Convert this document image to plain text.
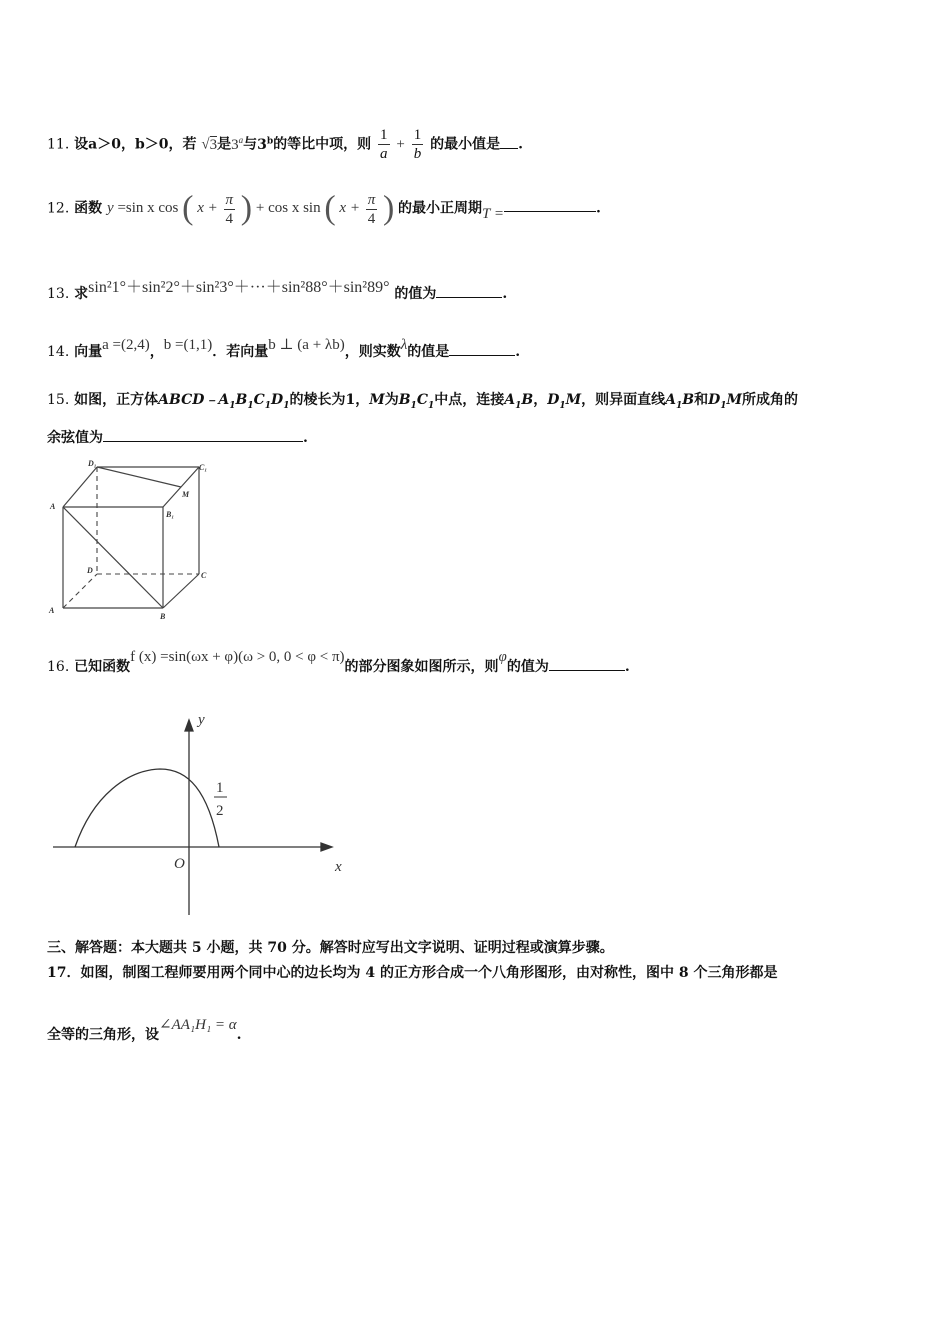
11. 设a＞0，b＞0，若 √3是3$^a$与3$^b$的等比中项，则 $\frac{1}{a} + \frac{1}{b}$ 的最小值是 .
12. 函数 y =sin x cos ( $x + \frac{\pi}{4}$ ) + cos x sin ( $x + \frac{\pi}{4}$ ) 的最小正周期T =	.
13. 求sin²1°＋sin²2°＋sin²3°＋···＋sin²88°＋sin²89° 的值为	.
14. 向量a =(2,4)，b =(1,1)．若向量b ⊥ (a + λb)，则实数λ的值是	.
15. 如图，正方体$ABCD﹣A_1B_1C_1D_1$的棱长为1，M为$B_1C_1$中点，连接$A_1B$，$D_1M$，则异面直线$A_1B$和$D_1M$所成角的
余弦值为	.
D₁	C₁
M
A
B₁
D
C
A
B
16. 已知函数f (x) =sin(ωx + φ)(ω > 0, 0 < φ < π)的部分图象如图所示，则φ的值为	.
y
x
O
1
2
三、解答题：本大题共 5 小题，共 70 分。解答时应写出文字说明、证明过程或演算步骤。
17．如图，制图工程师要用两个同中心的边长均为 4 的正方形合成一个八角形图形，由对称性，图中 8 个三角形都是
全等的三角形，设∠AA₁H₁ = α.
